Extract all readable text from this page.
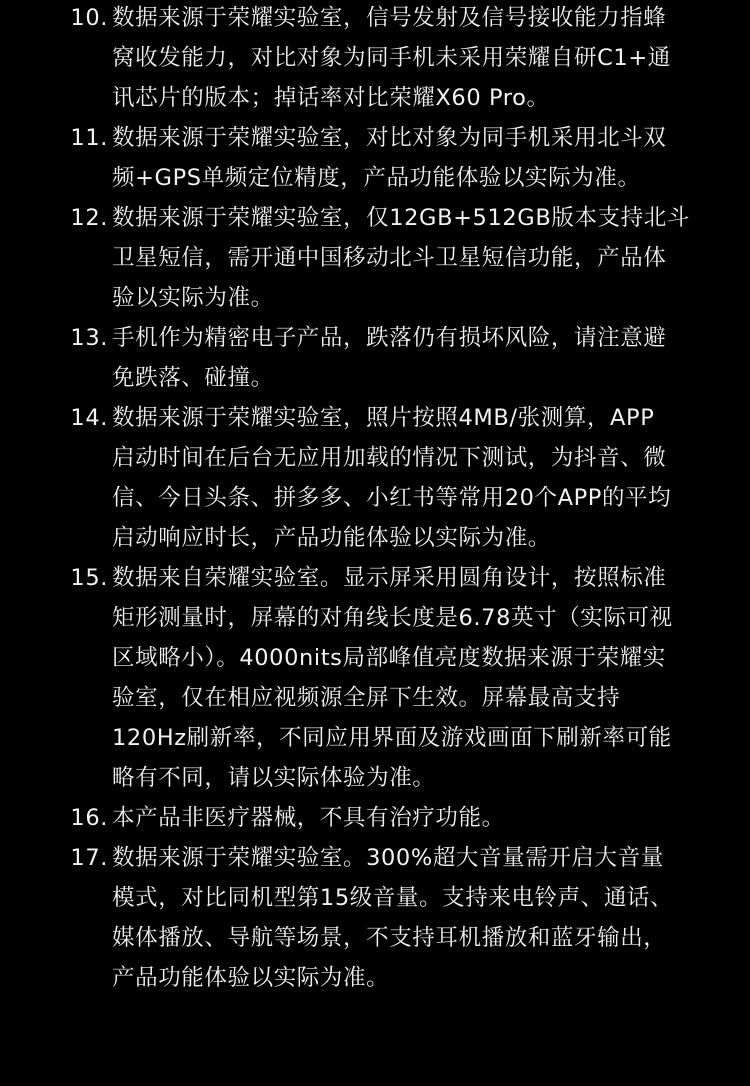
10. 数据来源于荣耀实验室，信号发射及信号接收能力指蜂
窝收发能力，对比对象为同手机未采用荣耀自研C1+通
讯芯片的版本；掉话率对比荣耀X60 Pro。
11. 数据来源于荣耀实验室，对比对象为同手机采用北斗双
频+GPS单频定位精度，产品功能体验以实际为准。
12. 数据来源于荣耀实验室，仅12GB+512GB版本支持北斗
卫星短信，需开通中国移动北斗卫星短信功能，产品体
验以实际为准。
13. 手机作为精密电子产品，跌落仍有损坏风险，请注意避
免跌落、碰撞。
14. 数据来源于荣耀实验室，照片按照4MB/张测算，APP
启动时间在后台无应用加载的情况下测试，为抖音、微
信、今日头条、拼多多、小红书等常用20个APP的平均
启动响应时长，产品功能体验以实际为准。
15. 数据来自荣耀实验室。显示屏采用圆角设计，按照标准
矩形测量时，屏幕的对角线长度是6.78英寸（实际可视
区域略小）。4000nits局部峰值亮度数据来源于荣耀实
验室，仅在相应视频源全屏下生效。屏幕最高支持
120Hz刷新率，不同应用界面及游戏画面下刷新率可能
略有不同，请以实际体验为准。
16. 本产品非医疗器械，不具有治疗功能。
17. 数据来源于荣耀实验室。300%超大音量需开启大音量
模式，对比同机型第15级音量。支持来电铃声、通话、
媒体播放、导航等场景，不支持耳机播放和蓝牙输出，
产品功能体验以实际为准。
